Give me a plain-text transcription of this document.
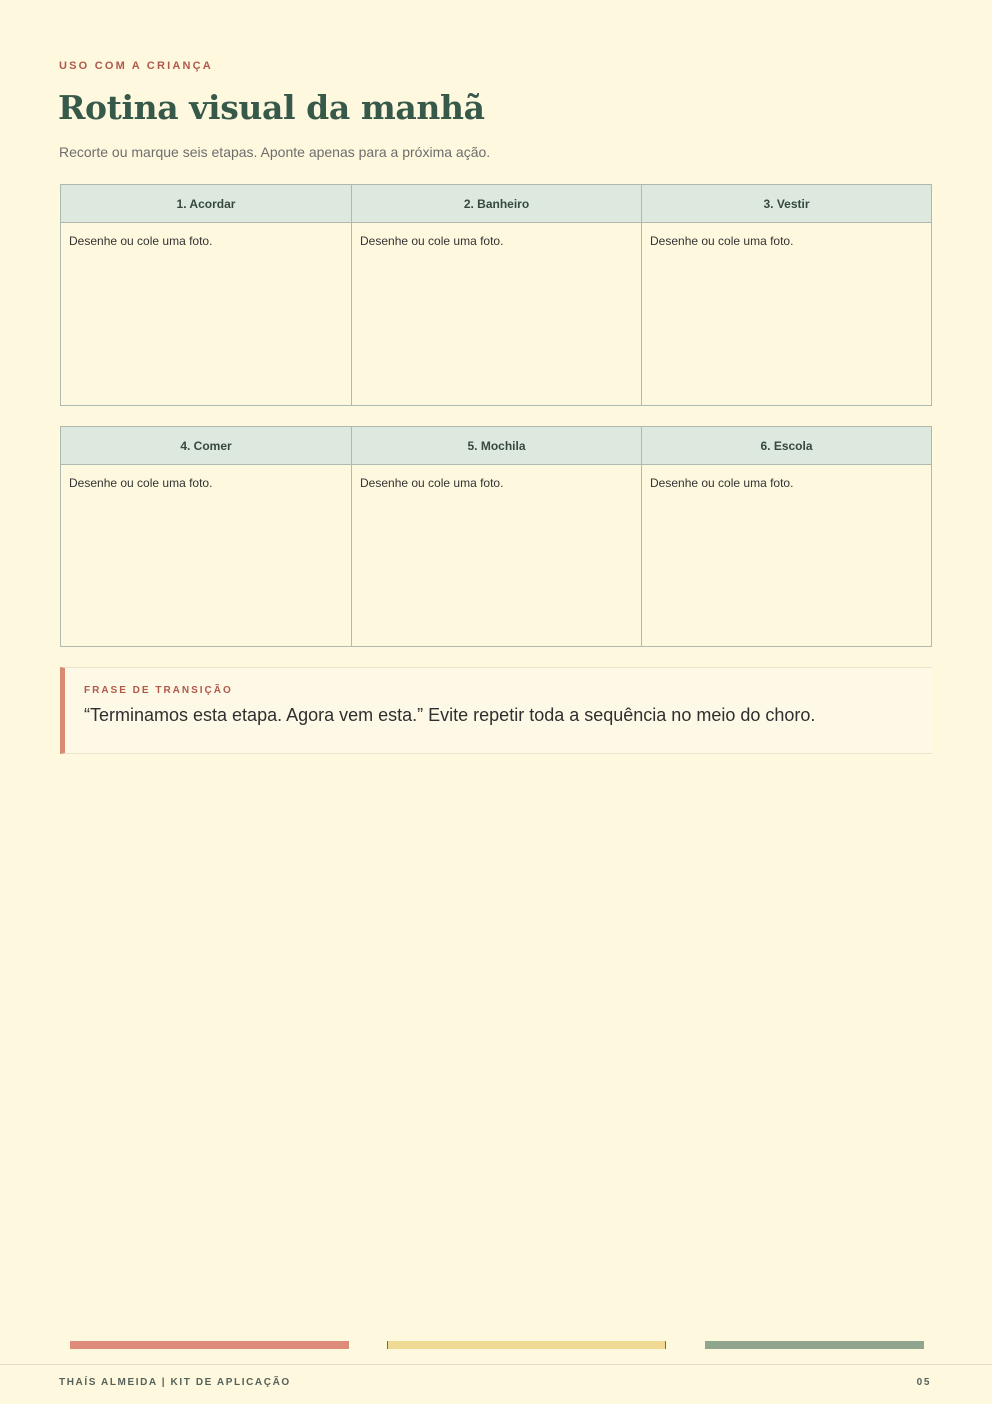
USO COM A CRIANÇA
Rotina visual da manhã
Recorte ou marque seis etapas. Aponte apenas para a próxima ação.
1. Acordar
Desenhe ou cole uma foto.
2. Banheiro
Desenhe ou cole uma foto.
3. Vestir
Desenhe ou cole uma foto.
4. Comer
Desenhe ou cole uma foto.
5. Mochila
Desenhe ou cole uma foto.
6. Escola
Desenhe ou cole uma foto.
FRASE DE TRANSIÇÃO
“Terminamos esta etapa. Agora vem esta.” Evite repetir toda a sequência no meio do choro.
THAÍS ALMEIDA | KIT DE APLICAÇÃO	05
